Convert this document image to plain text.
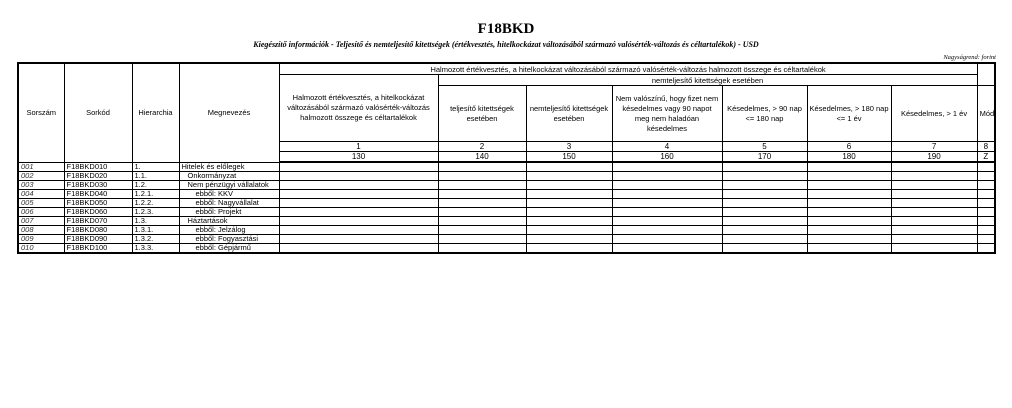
F18BKD
Kiegészítő információk - Teljesítő és nemteljesítő kitettségek (értékvesztés, hitelkockázat változásából származó valósérték-változás és céltartalékok) - USD
Nagyságrend: forint
Sorszám	Sorkód	Hierarchia	Megnevezés	Halmozott értékvesztés, a hitelkockázat változásából származó valósérték-változás halmozott összege és céltartalékok							
				Halmozott értékvesztés, a hitelkockázat változásából származó valósérték-változás halmozott összege és céltartalékok	nemteljesítő kitettségek esetében						
					teljesítő kitettségek esetében	nemteljesítő kitettségek esetében	Nem valószínű, hogy fizet nem késedelmes vagy 90 napot meg nem haladóan késedelmes	Késedelmes, > 90 nap <= 180 nap	Késedelmes, > 180 nap <= 1 év	Késedelmes, > 1 év	Mód
				1	2	3	4	5	6	7	8
				130	140	150	160	170	180	190	Z
001	F18BKD010	1.	Hitelek és előlegek								
002	F18BKD020	1.1.	Önkormányzat								
003	F18BKD030	1.2.	Nem pénzügyi vállalatok								
004	F18BKD040	1.2.1.	ebből: KKV								
005	F18BKD050	1.2.2.	ebből: Nagyvállalat								
006	F18BKD060	1.2.3.	ebből: Projekt								
007	F18BKD070	1.3.	Háztartások								
008	F18BKD080	1.3.1.	ebből: Jelzálog								
009	F18BKD090	1.3.2.	ebből: Fogyasztási								
010	F18BKD100	1.3.3.	ebből: Gépjármű								
